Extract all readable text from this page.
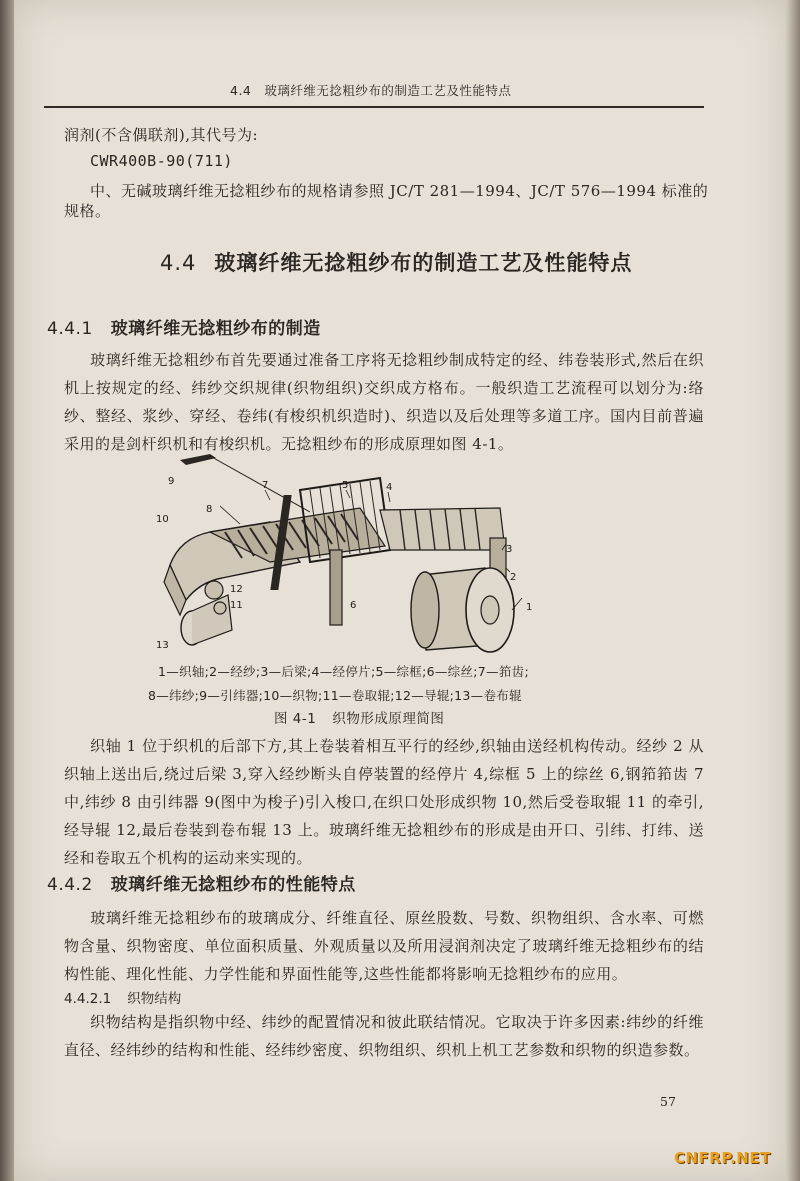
4.4　玻璃纤维无捻粗纱布的制造工艺及性能特点
润剂(不含偶联剂),其代号为:
CWR400B-90(711)
中、无碱玻璃纤维无捻粗纱布的规格请参照 JC/T 281—1994、JC/T 576—1994 标准的
规格。
4.4 玻璃纤维无捻粗纱布的制造工艺及性能特点
4.4.1 玻璃纤维无捻粗纱布的制造
玻璃纤维无捻粗纱布首先要通过准备工序将无捻粗纱制成特定的经、纬卷装形式,然后在织机上按规定的经、纬纱交织规律(织物组织)交织成方格布。一般织造工艺流程可以划分为:络纱、整经、浆纱、穿经、卷纬(有梭织机织造时)、织造以及后处理等多道工序。国内目前普遍采用的是剑杆织机和有梭织机。无捻粗纱布的形成原理如图 4-1。
1
2
3
4
5
6
7
8
9
10
11
12
13
1—织轴;2—经纱;3—后梁;4—经停片;5—综框;6—综丝;7—筘齿;
8—纬纱;9—引纬器;10—织物;11—卷取辊;12—导辊;13—卷布辊
图 4-1 织物形成原理简图
织轴 1 位于织机的后部下方,其上卷装着相互平行的经纱,织轴由送经机构传动。经纱 2 从织轴上送出后,绕过后梁 3,穿入经纱断头自停装置的经停片 4,综框 5 上的综丝 6,钢筘筘齿 7 中,纬纱 8 由引纬器 9(图中为梭子)引入梭口,在织口处形成织物 10,然后受卷取辊 11 的牵引,经导辊 12,最后卷装到卷布辊 13 上。玻璃纤维无捻粗纱布的形成是由开口、引纬、打纬、送经和卷取五个机构的运动来实现的。
4.4.2 玻璃纤维无捻粗纱布的性能特点
玻璃纤维无捻粗纱布的玻璃成分、纤维直径、原丝股数、号数、织物组织、含水率、可燃物含量、织物密度、单位面积质量、外观质量以及所用浸润剂决定了玻璃纤维无捻粗纱布的结构性能、理化性能、力学性能和界面性能等,这些性能都将影响无捻粗纱布的应用。
4.4.2.1 织物结构
织物结构是指织物中经、纬纱的配置情况和彼此联结情况。它取决于许多因素:纬纱的纤维直径、经纬纱的结构和性能、经纬纱密度、织物组织、织机上机工艺参数和织物的织造参数。
57
CNFRP.NET
